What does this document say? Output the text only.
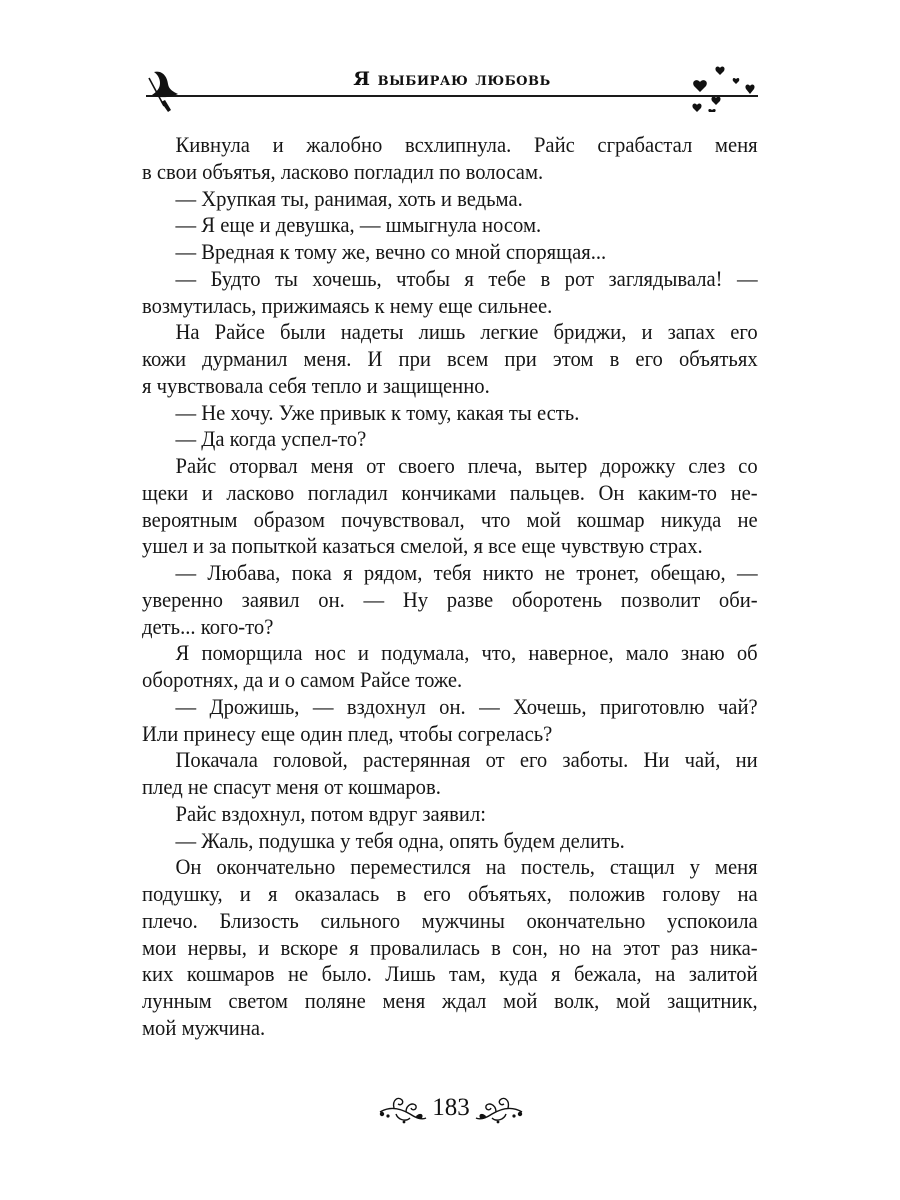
Я выбираю любовь
Кивнула и жалобно всхлипнула. Райс сграбастал меня
в свои объятья, ласково погладил по волосам.
— Хрупкая ты, ранимая, хоть и ведьма.
— Я еще и девушка, — шмыгнула носом.
— Вредная к тому же, вечно со мной спорящая...
— Будто ты хочешь, чтобы я тебе в рот заглядывала! —
возмутилась, прижимаясь к нему еще сильнее.
На Райсе были надеты лишь легкие бриджи, и запах его
кожи дурманил меня. И при всем при этом в его объятьях
я чувствовала себя тепло и защищенно.
— Не хочу. Уже привык к тому, какая ты есть.
— Да когда успел-то?
Райс оторвал меня от своего плеча, вытер дорожку слез со
щеки и ласково погладил кончиками пальцев. Он каким-то не-
вероятным образом почувствовал, что мой кошмар никуда не
ушел и за попыткой казаться смелой, я все еще чувствую страх.
— Любава, пока я рядом, тебя никто не тронет, обещаю, —
уверенно заявил он. — Ну разве оборотень позволит оби-
деть... кого-то?
Я поморщила нос и подумала, что, наверное, мало знаю об
оборотнях, да и о самом Райсе тоже.
— Дрожишь, — вздохнул он. — Хочешь, приготовлю чай?
Или принесу еще один плед, чтобы согрелась?
Покачала головой, растерянная от его заботы. Ни чай, ни
плед не спасут меня от кошмаров.
Райс вздохнул, потом вдруг заявил:
— Жаль, подушка у тебя одна, опять будем делить.
Он окончательно переместился на постель, стащил у меня
подушку, и я оказалась в его объятьях, положив голову на
плечо. Близость сильного мужчины окончательно успокоила
мои нервы, и вскоре я провалилась в сон, но на этот раз ника-
ких кошмаров не было. Лишь там, куда я бежала, на залитой
лунным светом поляне меня ждал мой волк, мой защитник,
мой мужчина.
183
